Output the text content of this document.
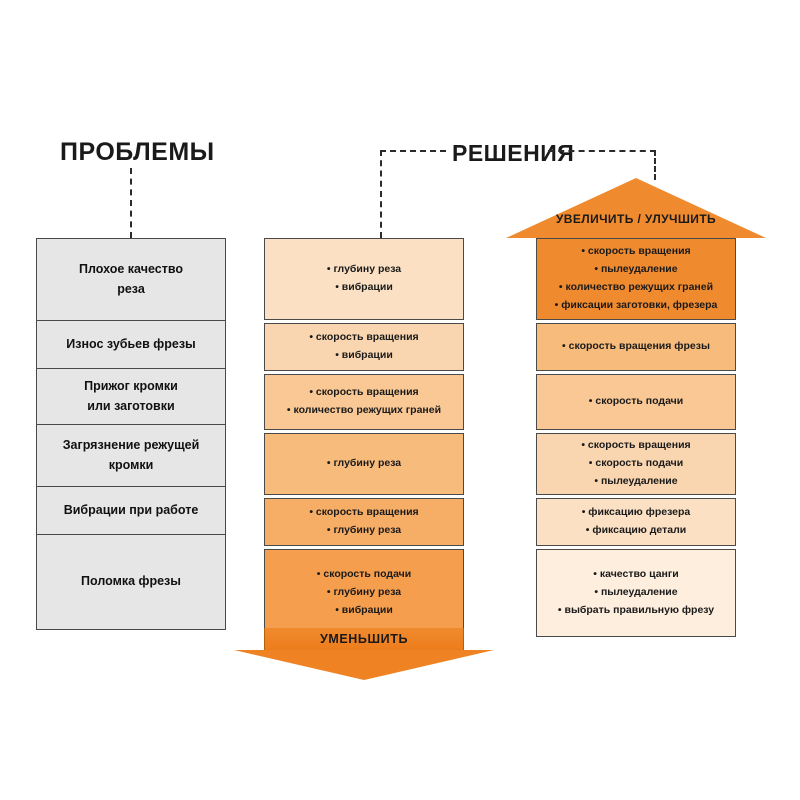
ПРОБЛЕМЫ	РЕШЕНИЯ
Плохое качество
реза
Износ зубьев фрезы
Прижог кромки
или заготовки
Загрязнение режущей
кромки
Вибрации при работе
Поломка фрезы
• глубину реза
• вибрации
• скорость вращения
• вибрации
• скорость вращения
• количество режущих граней
• глубину реза
• скорость вращения
• глубину реза
• скорость подачи
• глубину реза
• вибрации
УМЕНЬШИТЬ
УВЕЛИЧИТЬ / УЛУЧШИТЬ
• скорость вращения
• пылеудаление
• количество режущих граней
• фиксации заготовки, фрезера
• скорость вращения фрезы
• скорость подачи
• скорость вращения
• скорость подачи
• пылеудаление
• фиксацию фрезера
• фиксацию детали
• качество цанги
• пылеудаление
• выбрать правильную фрезу
